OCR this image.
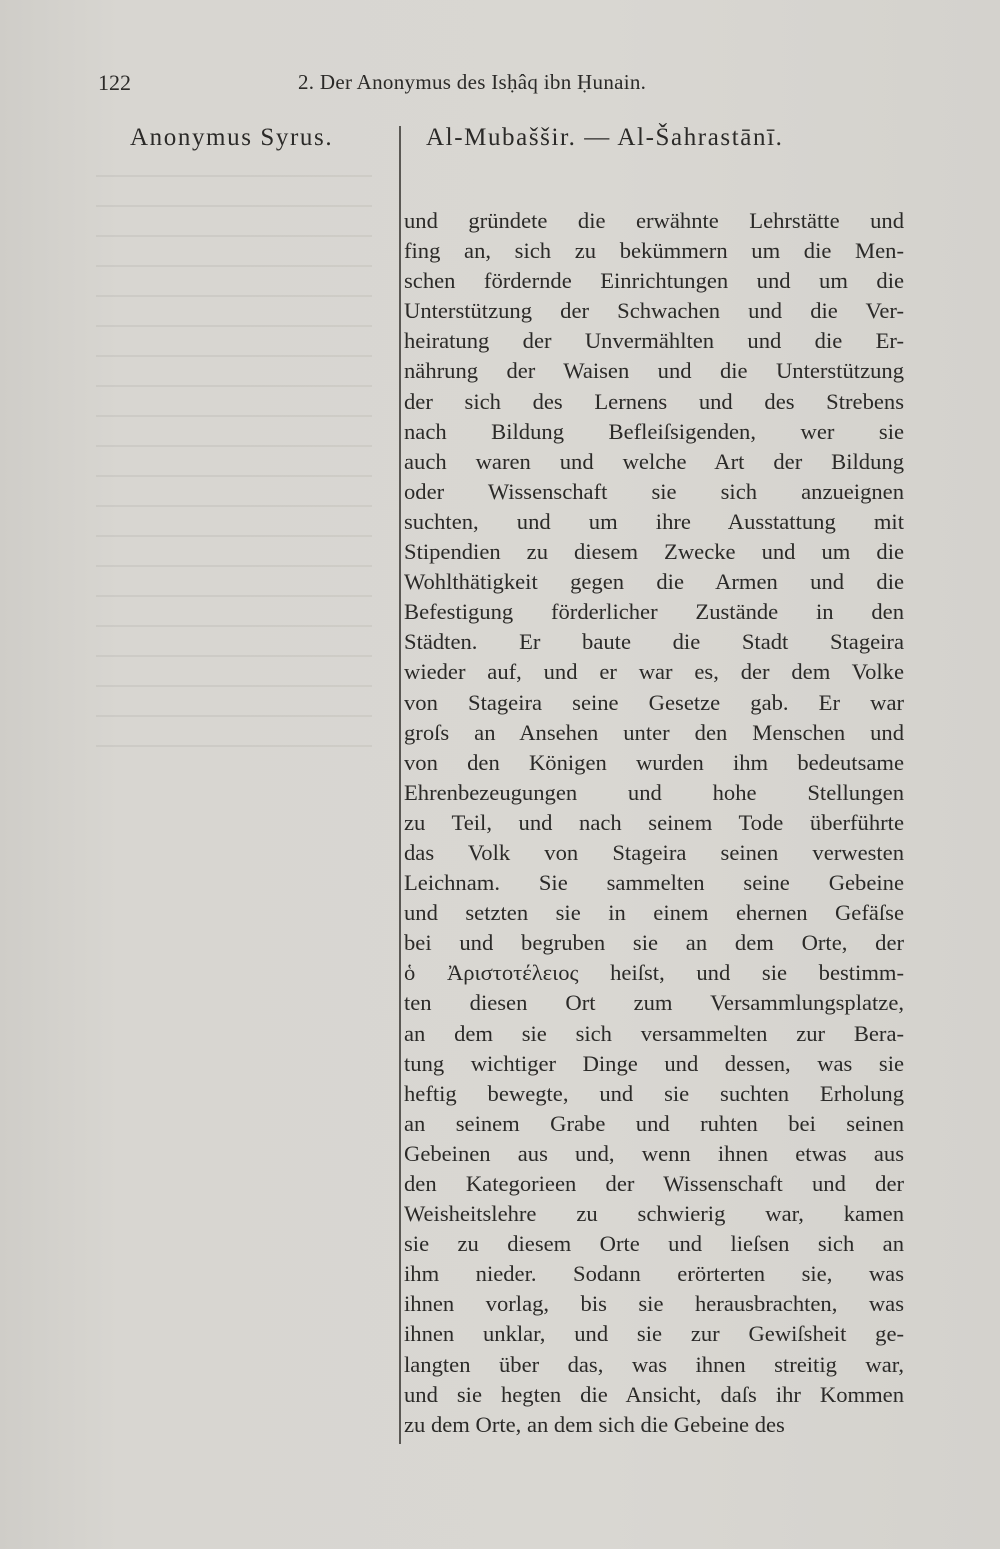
122	2. Der Anonymus des Isḥâq ibn Ḥunain.
Anonymus Syrus.	Al-Mubaššir. — Al-Šahrastānī.
und gründete die erwähnte Lehrstätte und
fing an, sich zu bekümmern um die Men-
schen fördernde Einrichtungen und um die
Unterstützung der Schwachen und die Ver-
heiratung der Unvermählten und die Er-
nährung der Waisen und die Unterstützung
der sich des Lernens und des Strebens
nach Bildung Befleiſsigenden, wer sie
auch waren und welche Art der Bildung
oder Wissenschaft sie sich anzueignen
suchten, und um ihre Ausstattung mit
Stipendien zu diesem Zwecke und um die
Wohlthätigkeit gegen die Armen und die
Befestigung förderlicher Zustände in den
Städten. Er baute die Stadt Stageira
wieder auf, und er war es, der dem Volke
von Stageira seine Gesetze gab. Er war
groſs an Ansehen unter den Menschen und
von den Königen wurden ihm bedeutsame
Ehrenbezeugungen und hohe Stellungen
zu Teil, und nach seinem Tode überführte
das Volk von Stageira seinen verwesten
Leichnam. Sie sammelten seine Gebeine
und setzten sie in einem ehernen Gefäſse
bei und begruben sie an dem Orte, der
ὁ Ἀριστοτέλειος heiſst, und sie bestimm-
ten diesen Ort zum Versammlungsplatze,
an dem sie sich versammelten zur Bera-
tung wichtiger Dinge und dessen, was sie
heftig bewegte, und sie suchten Erholung
an seinem Grabe und ruhten bei seinen
Gebeinen aus und, wenn ihnen etwas aus
den Kategorieen der Wissenschaft und der
Weisheitslehre zu schwierig war, kamen
sie zu diesem Orte und lieſsen sich an
ihm nieder. Sodann erörterten sie, was
ihnen vorlag, bis sie herausbrachten, was
ihnen unklar, und sie zur Gewiſsheit ge-
langten über das, was ihnen streitig war,
und sie hegten die Ansicht, daſs ihr Kommen
zu dem Orte, an dem sich die Gebeine des
